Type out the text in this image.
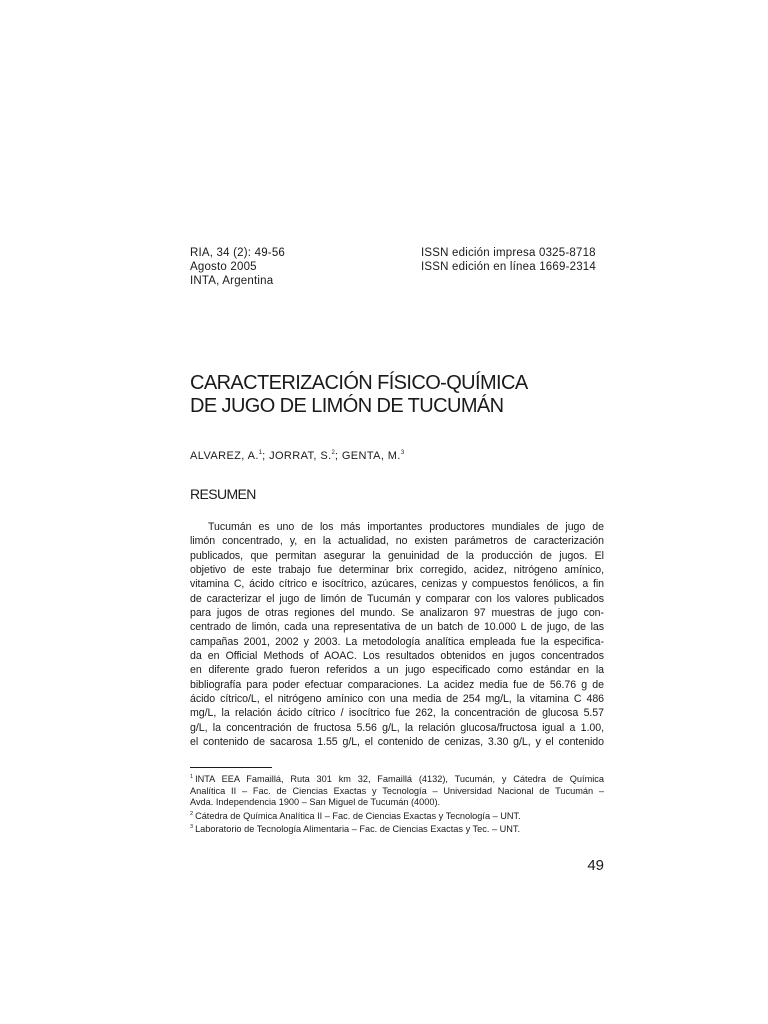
RIA, 34 (2): 49-56
Agosto 2005
INTA, Argentina
ISSN edición impresa 0325-8718
ISSN edición en línea 1669-2314
CARACTERIZACIÓN FÍSICO-QUÍMICA
DE JUGO DE LIMÓN DE TUCUMÁN
ALVAREZ, A.$^1$; JORRAT, S.$^2$; GENTA, M.$^3$
RESUMEN
Tucumán es uno de los más importantes productores mundiales de jugo de
limón concentrado, y, en la actualidad, no existen parámetros de caracterización
publicados, que permitan asegurar la genuinidad de la producción de jugos. El
objetivo de este trabajo fue determinar brix corregido, acidez, nitrógeno amínico,
vitamina C, ácido cítrico e isocítrico, azúcares, cenizas y compuestos fenólicos, a fin
de caracterizar el jugo de limón de Tucumán y comparar con los valores publicados
para jugos de otras regiones del mundo. Se analizaron 97 muestras de jugo con-
centrado de limón, cada una representativa de un batch de 10.000 L de jugo, de las
campañas 2001, 2002 y 2003. La metodología analítica empleada fue la especifica-
da en Official Methods of AOAC. Los resultados obtenidos en jugos concentrados
en diferente grado fueron referidos a un jugo especificado como estándar en la
bibliografía para poder efectuar comparaciones. La acidez media fue de 56.76 g de
ácido cítrico/L, el nitrógeno amínico con una media de 254 mg/L, la vitamina C 486
mg/L, la relación ácido cítrico / isocítrico fue 262, la concentración de glucosa 5.57
g/L, la concentración de fructosa 5.56 g/L, la relación glucosa/fructosa igual a 1.00,
el contenido de sacarosa 1.55 g/L, el contenido de cenizas, 3.30 g/L, y el contenido
$^1$ INTA EEA Famaillá, Ruta 301 km 32, Famaillá (4132), Tucumán, y Cátedra de Química
Analítica II – Fac. de Ciencias Exactas y Tecnología – Universidad Nacional de Tucumán –
Avda. Independencia 1900 – San Miguel de Tucumán (4000).
$^2$ Cátedra de Química Analítica II – Fac. de Ciencias Exactas y Tecnología – UNT.
$^3$ Laboratorio de Tecnología Alimentaria – Fac. de Ciencias Exactas y Tec. – UNT.
49
